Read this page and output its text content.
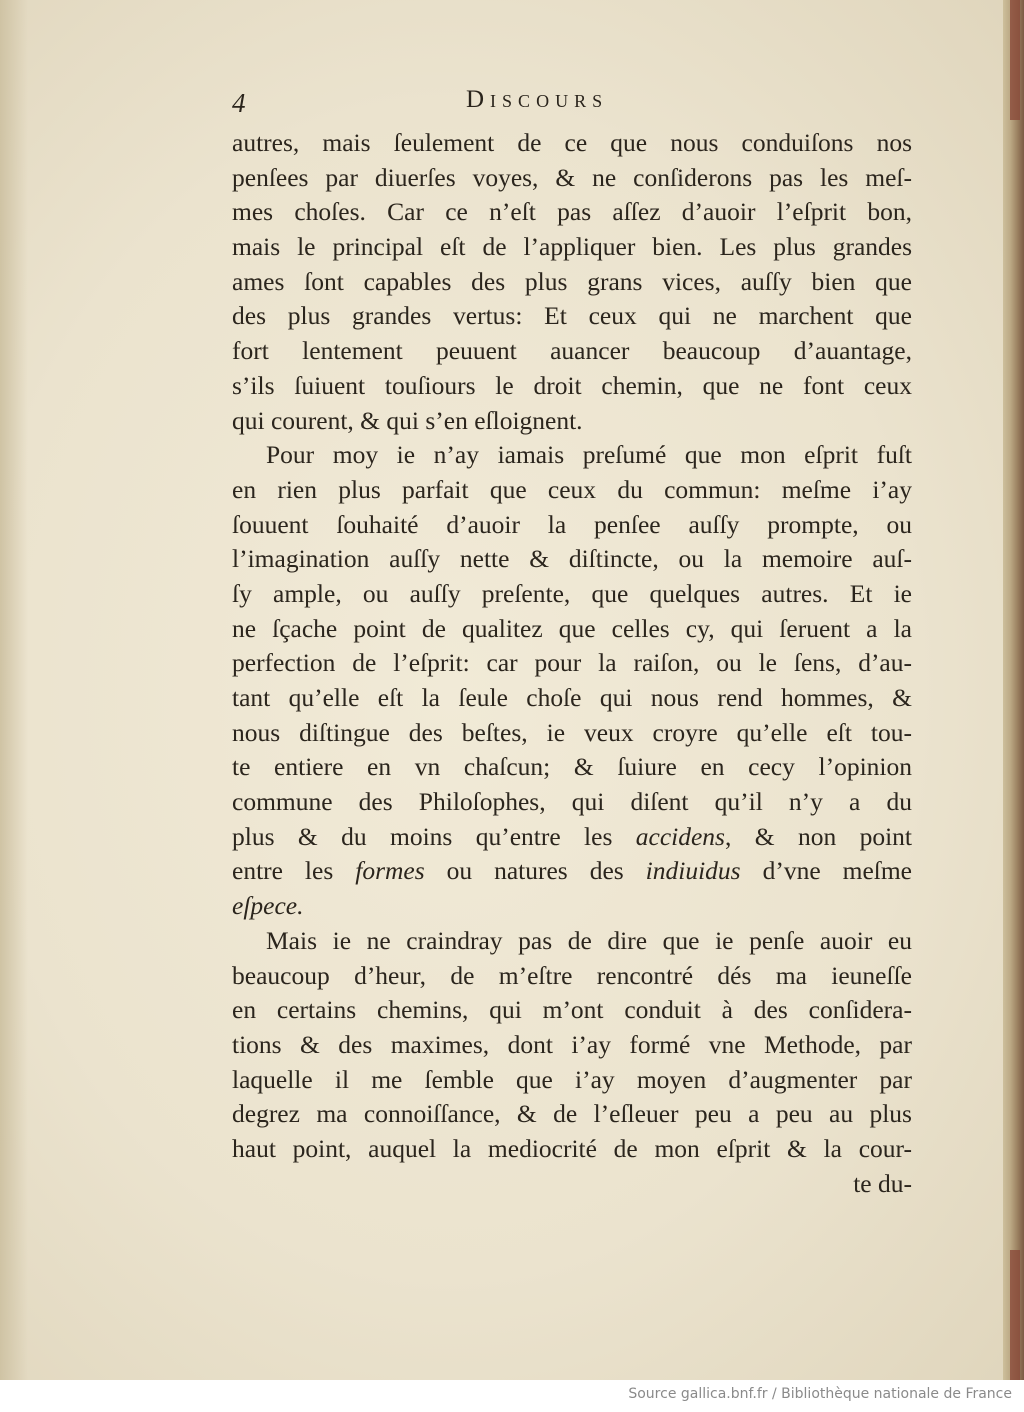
4	Discours
autres, mais ſeulement de ce que nous conduiſons nos
penſees par diuerſes voyes, & ne conſiderons pas les meſ-
mes choſes. Car ce n’eſt pas aſſez d’auoir l’eſprit bon,
mais le principal eſt de l’appliquer bien. Les plus grandes
ames ſont capables des plus grans vices, auſſy bien que
des plus grandes vertus: Et ceux qui ne marchent que
fort lentement peuuent auancer beaucoup d’auantage,
s’ils ſuiuent touſiours le droit chemin, que ne font ceux
qui courent, & qui s’en eſloignent.
Pour moy ie n’ay iamais preſumé que mon eſprit fuſt
en rien plus parfait que ceux du commun: meſme i’ay
ſouuent ſouhaité d’auoir la penſee auſſy prompte, ou
l’imagination auſſy nette & diſtincte, ou la memoire auſ-
ſy ample, ou auſſy preſente, que quelques autres. Et ie
ne ſçache point de qualitez que celles cy, qui ſeruent a la
perfection de l’eſprit: car pour la raiſon, ou le ſens, d’au-
tant qu’elle eſt la ſeule choſe qui nous rend hommes, &
nous diſtingue des beſtes, ie veux croyre qu’elle eſt tou-
te entiere en vn chaſcun; & ſuiure en cecy l’opinion
commune des Philoſophes, qui diſent qu’il n’y a du
plus & du moins qu’entre les accidens, & non point
entre les formes ou natures des indiuidus d’vne meſme
eſpece.
Mais ie ne craindray pas de dire que ie penſe auoir eu
beaucoup d’heur, de m’eſtre rencontré dés ma ieuneſſe
en certains chemins, qui m’ont conduit à des conſidera-
tions & des maximes, dont i’ay formé vne Methode, par
laquelle il me ſemble que i’ay moyen d’augmenter par
degrez ma connoiſſance, & de l’eſleuer peu a peu au plus
haut point, auquel la mediocrité de mon eſprit & la cour-
te du-
Source gallica.bnf.fr / Bibliothèque nationale de France
